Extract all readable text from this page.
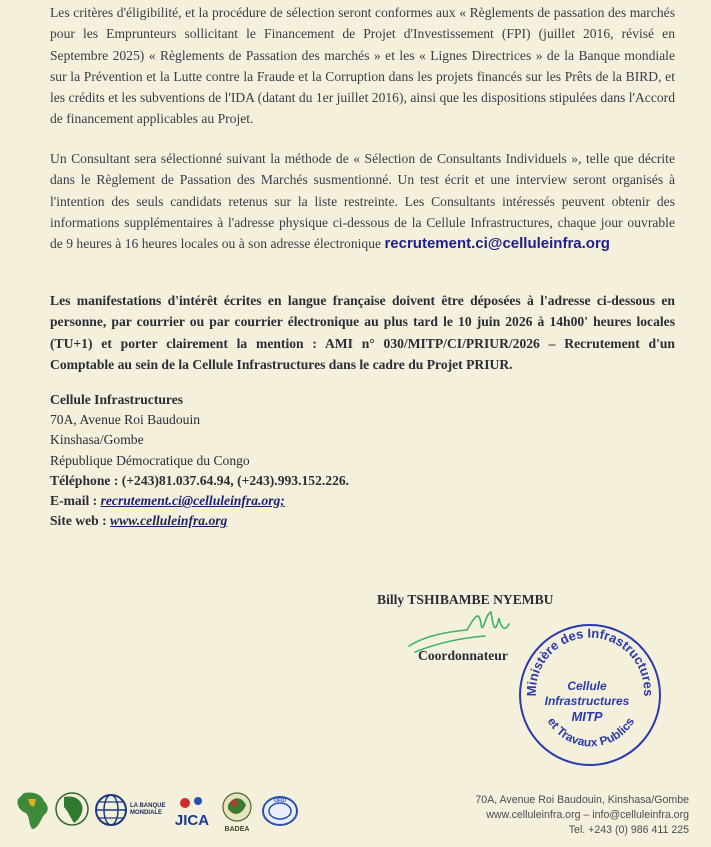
Les critères d'éligibilité, et la procédure de sélection seront conformes aux « Règlements de passation des marchés pour les Emprunteurs sollicitant le Financement de Projet d'Investissement (FPI) (juillet 2016, révisé en Septembre 2025) « Règlements de Passation des marchés » et les « Lignes Directrices » de la Banque mondiale sur la Prévention et la Lutte contre la Fraude et la Corruption dans les projets financés sur les Prêts de la BIRD, et les crédits et les subventions de l'IDA (datant du 1er juillet 2016), ainsi que les dispositions stipulées dans l'Accord de financement applicables au Projet.

Un Consultant sera sélectionné suivant la méthode de « Sélection de Consultants Individuels », telle que décrite dans le Règlement de Passation des Marchés susmentionné. Un test écrit et une interview seront organisés à l'intention des seuls candidats retenus sur la liste restreinte. Les Consultants intéressés peuvent obtenir des informations supplémentaires à l'adresse physique ci-dessous de la Cellule Infrastructures, chaque jour ouvrable de 9 heures à 16 heures locales ou à son adresse électronique recrutement.ci@celluleinfra.org

Les manifestations d'intérêt écrites en langue française doivent être déposées à l'adresse ci-dessous en personne, par courrier ou par courrier électronique au plus tard le 10 juin 2026 à 14h00' heures locales (TU+1) et porter clairement la mention : AMI n° 030/MITP/CI/PRIUR/2026 – Recrutement d'un Comptable au sein de la Cellule Infrastructures dans le cadre du Projet PRIUR.

Cellule Infrastructures
70A, Avenue Roi Baudouin
Kinshasa/Gombe
République Démocratique du Congo
Téléphone : (+243)81.037.64.94, (+243).993.152.226.
E-mail : recrutement.ci@celluleinfra.org;
Site web : www.celluleinfra.org
Billy TSHIBAMBE NYEMBU
Coordonnateur
Ministère des Infrastructures
et Travaux Publics
Cellule
Infrastructures
MITP
LA BANQUE MONDIALE JICA
BADEA
OFID	70A, Avenue Roi Baudouin, Kinshasa/Gombe
www.celluleinfra.org – info@celluleinfra.org
Tel. +243 (0) 986 411 225
